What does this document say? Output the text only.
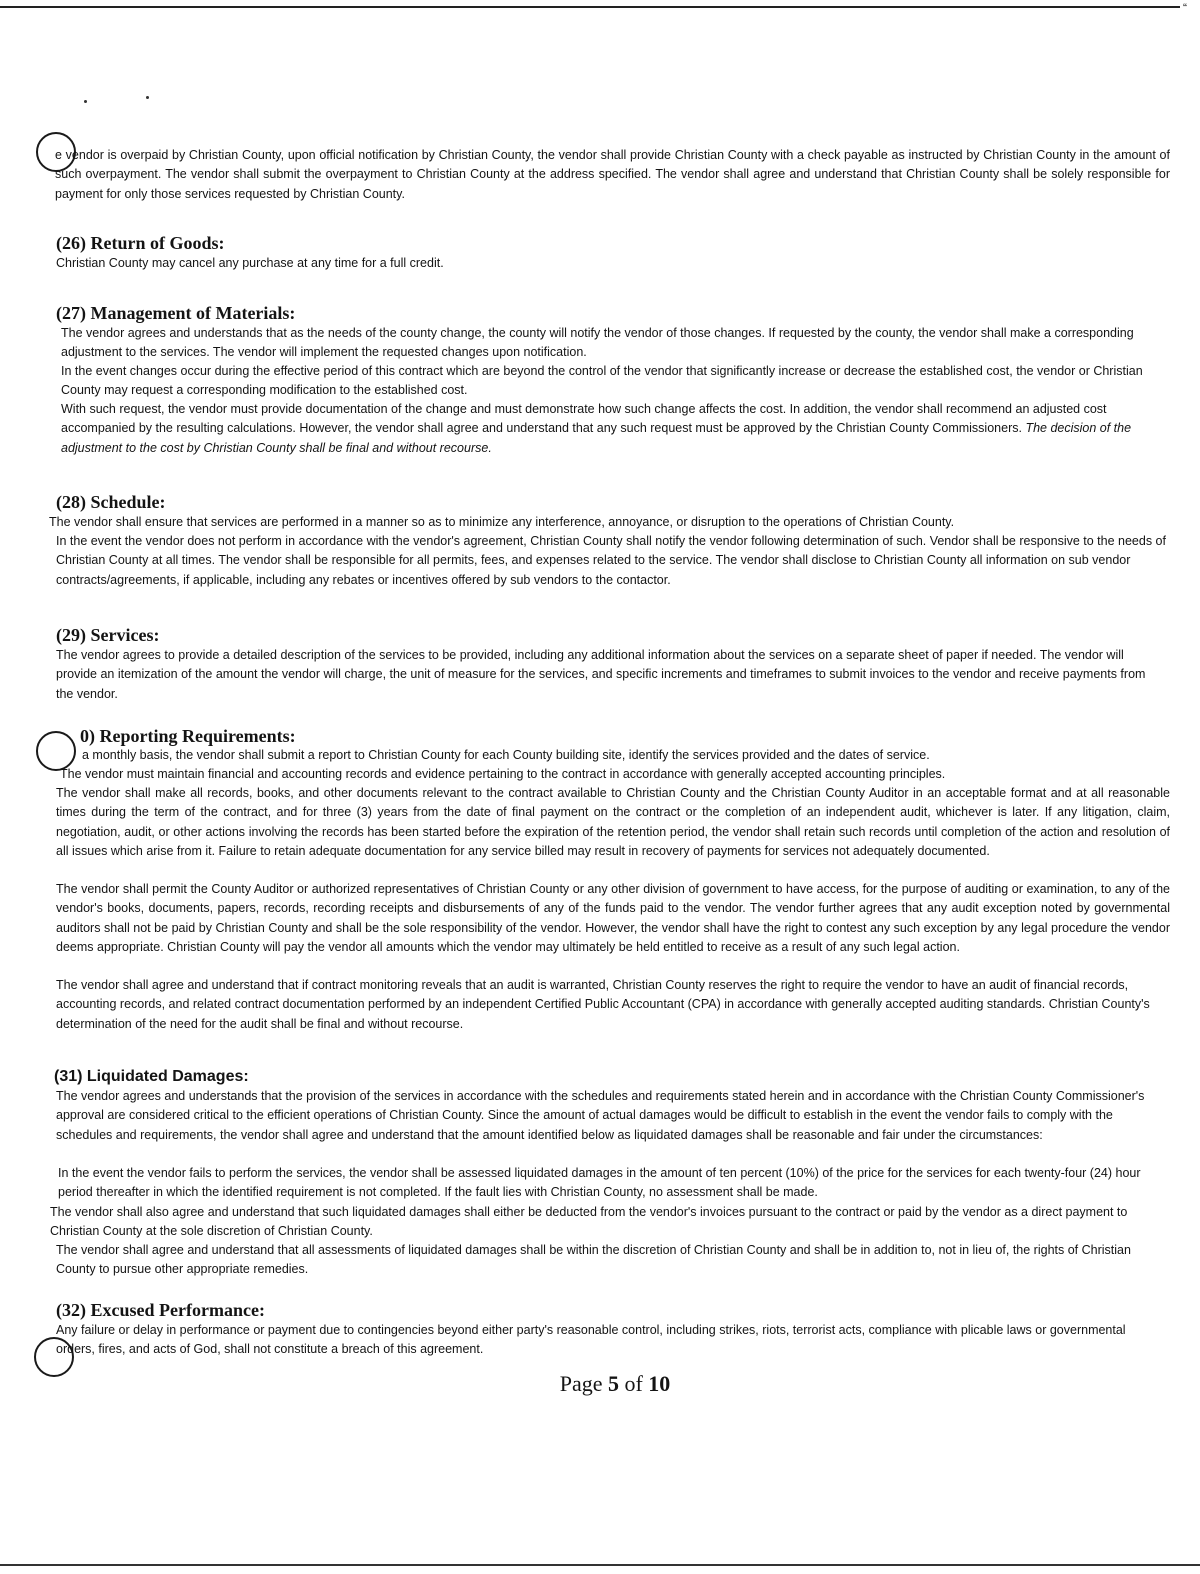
“

e vendor is overpaid by Christian County, upon official notification by Christian County, the vendor shall provide Christian County with a check payable as instructed by Christian County in the amount of such overpayment. The vendor shall submit the overpayment to Christian County at the address specified. The vendor shall agree and understand that Christian County shall be solely responsible for payment for only those services requested by Christian County.

(26) Return of Goods:

Christian County may cancel any purchase at any time for a full credit.

(27) Management of Materials:

The vendor agrees and understands that as the needs of the county change, the county will notify the vendor of those changes. If requested by the county, the vendor shall make a corresponding adjustment to the services. The vendor will implement the requested changes upon notification.

In the event changes occur during the effective period of this contract which are beyond the control of the vendor that significantly increase or decrease the established cost, the vendor or Christian County may request a corresponding modification to the established cost.

With such request, the vendor must provide documentation of the change and must demonstrate how such change affects the cost. In addition, the vendor shall recommend an adjusted cost accompanied by the resulting calculations. However, the vendor shall agree and understand that any such request must be approved by the Christian County Commissioners. The decision of the adjustment to the cost by Christian County shall be final and without recourse.

(28) Schedule:

The vendor shall ensure that services are performed in a manner so as to minimize any interference, annoyance, or disruption to the operations of Christian County.

In the event the vendor does not perform in accordance with the vendor's agreement, Christian County shall notify the vendor following determination of such. Vendor shall be responsive to the needs of Christian County at all times. The vendor shall be responsible for all permits, fees, and expenses related to the service. The vendor shall disclose to Christian County all information on sub vendor contracts/agreements, if applicable, including any rebates or incentives offered by sub vendors to the contactor.

(29) Services:

The vendor agrees to provide a detailed description of the services to be provided, including any additional information about the services on a separate sheet of paper if needed. The vendor will provide an itemization of the amount the vendor will charge, the unit of measure for the services, and specific increments and timeframes to submit invoices to the vendor and receive payments from the vendor.

0) Reporting Requirements:

a monthly basis, the vendor shall submit a report to Christian County for each County building site, identify the services provided and the dates of service.

The vendor must maintain financial and accounting records and evidence pertaining to the contract in accordance with generally accepted accounting principles.

The vendor shall make all records, books, and other documents relevant to the contract available to Christian County and the Christian County Auditor in an acceptable format and at all reasonable times during the term of the contract, and for three (3) years from the date of final payment on the contract or the completion of an independent audit, whichever is later. If any litigation, claim, negotiation, audit, or other actions involving the records has been started before the expiration of the retention period, the vendor shall retain such records until completion of the action and resolution of all issues which arise from it. Failure to retain adequate documentation for any service billed may result in recovery of payments for services not adequately documented.

The vendor shall permit the County Auditor or authorized representatives of Christian County or any other division of government to have access, for the purpose of auditing or examination, to any of the vendor's books, documents, papers, records, recording receipts and disbursements of any of the funds paid to the vendor. The vendor further agrees that any audit exception noted by governmental auditors shall not be paid by Christian County and shall be the sole responsibility of the vendor. However, the vendor shall have the right to contest any such exception by any legal procedure the vendor deems appropriate. Christian County will pay the vendor all amounts which the vendor may ultimately be held entitled to receive as a result of any such legal action.

The vendor shall agree and understand that if contract monitoring reveals that an audit is warranted, Christian County reserves the right to require the vendor to have an audit of financial records, accounting records, and related contract documentation performed by an independent Certified Public Accountant (CPA) in accordance with generally accepted auditing standards. Christian County's determination of the need for the audit shall be final and without recourse.

(31) Liquidated Damages:

The vendor agrees and understands that the provision of the services in accordance with the schedules and requirements stated herein and in accordance with the Christian County Commissioner's approval are considered critical to the efficient operations of Christian County. Since the amount of actual damages would be difficult to establish in the event the vendor fails to comply with the schedules and requirements, the vendor shall agree and understand that the amount identified below as liquidated damages shall be reasonable and fair under the circumstances:

In the event the vendor fails to perform the services, the vendor shall be assessed liquidated damages in the amount of ten percent (10%) of the price for the services for each twenty-four (24) hour period thereafter in which the identified requirement is not completed. If the fault lies with Christian County, no assessment shall be made.

The vendor shall also agree and understand that such liquidated damages shall either be deducted from the vendor's invoices pursuant to the contract or paid by the vendor as a direct payment to Christian County at the sole discretion of Christian County.

The vendor shall agree and understand that all assessments of liquidated damages shall be within the discretion of Christian County and shall be in addition to, not in lieu of, the rights of Christian County to pursue other appropriate remedies.

(32) Excused Performance:

Any failure or delay in performance or payment due to contingencies beyond either party's reasonable control, including strikes, riots, terrorist acts, compliance with plicable laws or governmental orders, fires, and acts of God, shall not constitute a breach of this agreement.

Page 5 of 10
